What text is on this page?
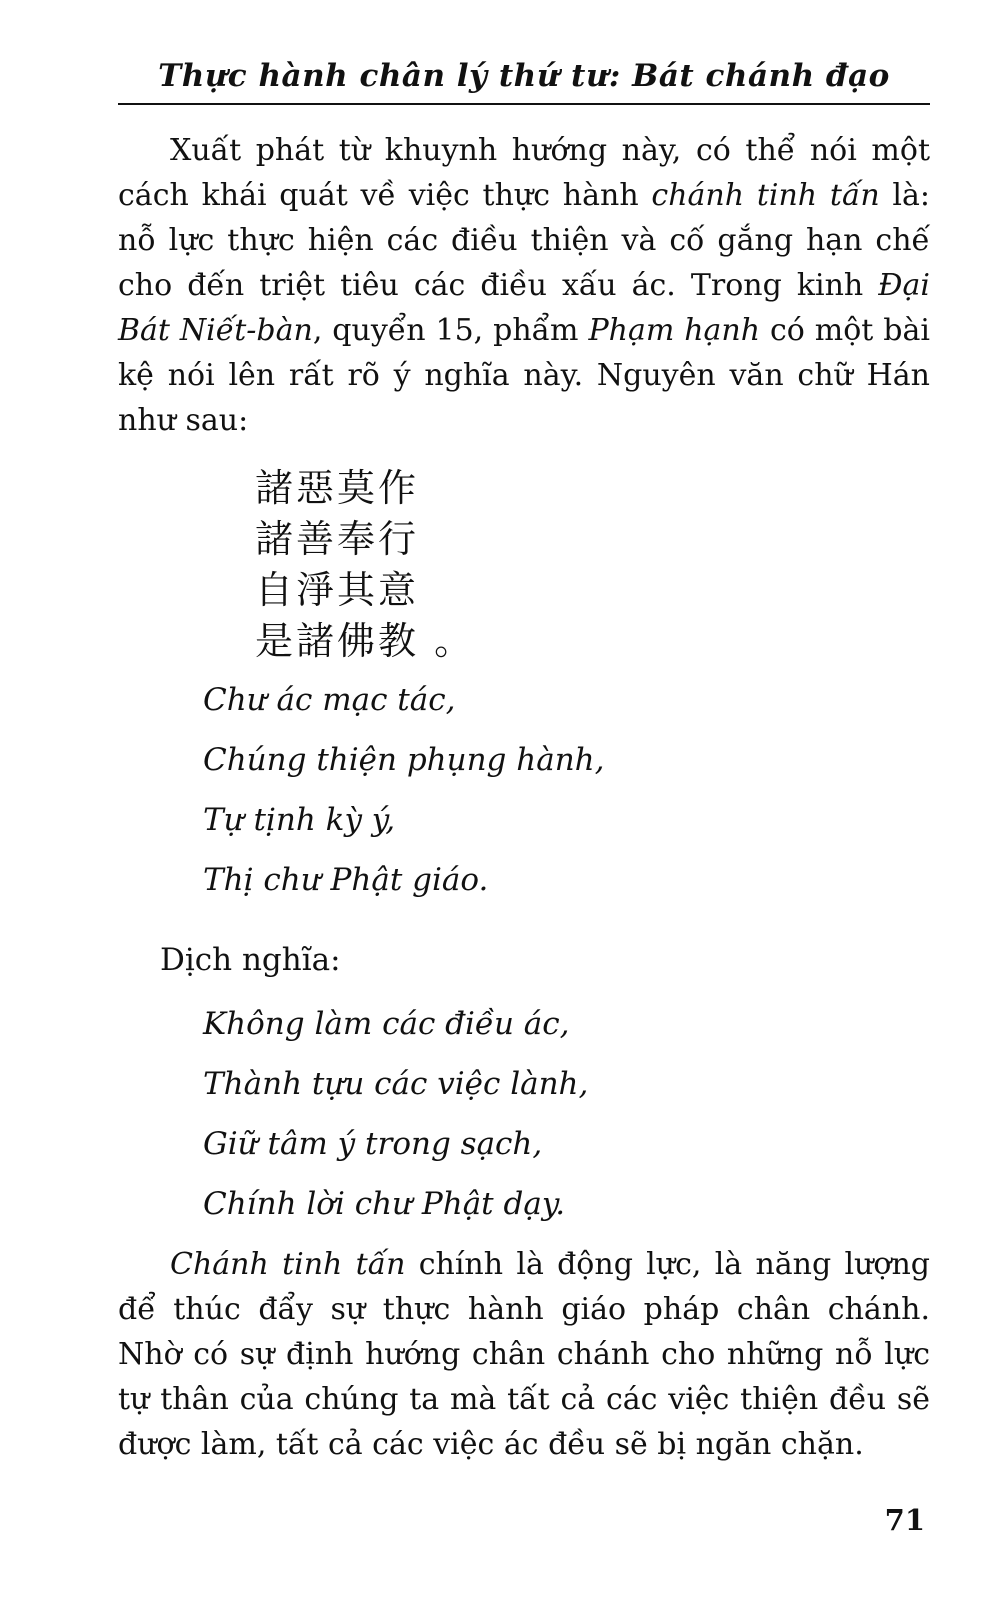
Thực hành chân lý thứ tư: Bát chánh đạo

Xuất phát từ khuynh hướng này, có thể nói một cách khái quát về việc thực hành chánh tinh tấn là: nỗ lực thực hiện các điều thiện và cố gắng hạn chế cho đến triệt tiêu các điều xấu ác. Trong kinh Đại Bát Niết-bàn, quyển 15, phẩm Phạm hạnh có một bài kệ nói lên rất rõ ý nghĩa này. Nguyên văn chữ Hán như sau:

諸惡莫作
諸善奉行
自淨其意
是諸佛教 。
Chư ác mạc tác,
Chúng thiện phụng hành,
Tự tịnh kỳ ý,
Thị chư Phật giáo.
Dịch nghĩa:
Không làm các điều ác,
Thành tựu các việc lành,
Giữ tâm ý trong sạch,
Chính lời chư Phật dạy.

Chánh tinh tấn chính là động lực, là năng lượng để thúc đẩy sự thực hành giáo pháp chân chánh. Nhờ có sự định hướng chân chánh cho những nỗ lực tự thân của chúng ta mà tất cả các việc thiện đều sẽ được làm, tất cả các việc ác đều sẽ bị ngăn chặn.

71
